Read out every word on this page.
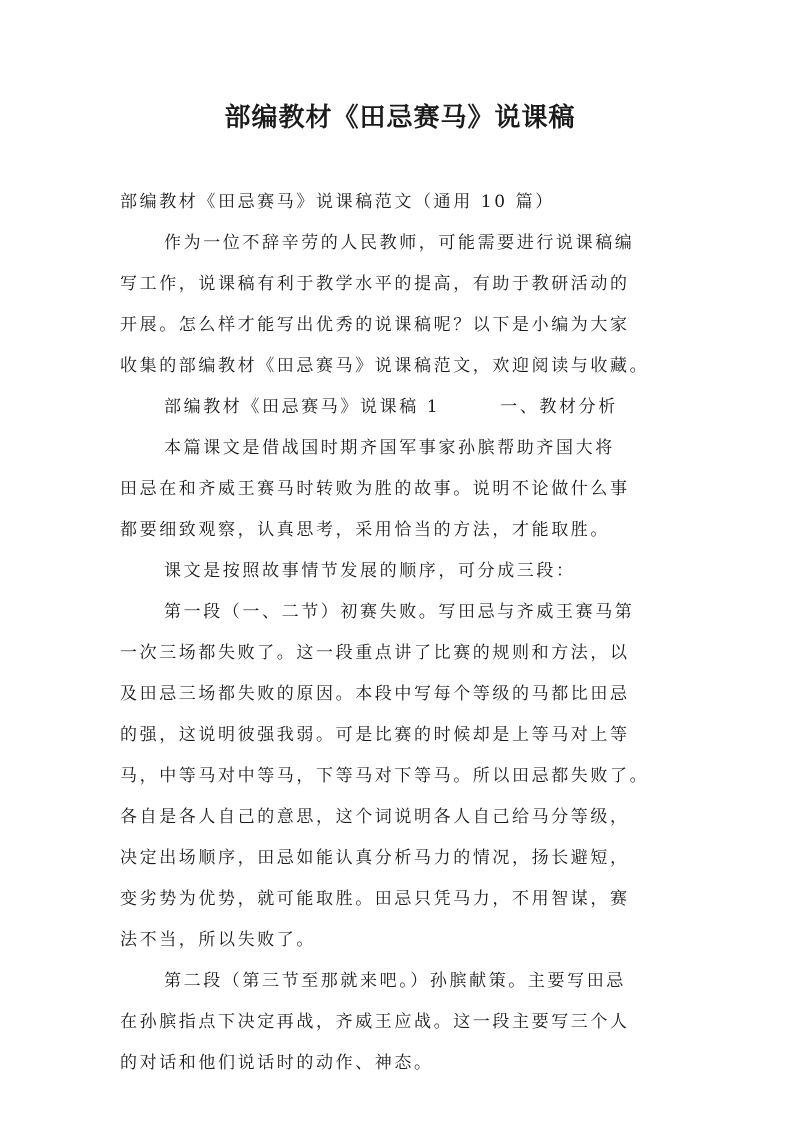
部编教材《田忌赛马》说课稿
部编教材《田忌赛马》说课稿范文（通用 10 篇）
作为一位不辞辛劳的人民教师，可能需要进行说课稿编
写工作，说课稿有利于教学水平的提高，有助于教研活动的
开展。怎么样才能写出优秀的说课稿呢？以下是小编为大家
收集的部编教材《田忌赛马》说课稿范文，欢迎阅读与收藏。
部编教材《田忌赛马》说课稿 1	一、教材分析
本篇课文是借战国时期齐国军事家孙膑帮助齐国大将
田忌在和齐威王赛马时转败为胜的故事。说明不论做什么事
都要细致观察，认真思考，采用恰当的方法，才能取胜。
课文是按照故事情节发展的顺序，可分成三段：
第一段（一、二节）初赛失败。写田忌与齐威王赛马第
一次三场都失败了。这一段重点讲了比赛的规则和方法，以
及田忌三场都失败的原因。本段中写每个等级的马都比田忌
的强，这说明彼强我弱。可是比赛的时候却是上等马对上等
马，中等马对中等马，下等马对下等马。所以田忌都失败了。
各自是各人自己的意思，这个词说明各人自己给马分等级，
决定出场顺序，田忌如能认真分析马力的情况，扬长避短，
变劣势为优势，就可能取胜。田忌只凭马力，不用智谋，赛
法不当，所以失败了。
第二段（第三节至那就来吧。）孙膑献策。主要写田忌
在孙膑指点下决定再战，齐威王应战。这一段主要写三个人
的对话和他们说话时的动作、神态。
